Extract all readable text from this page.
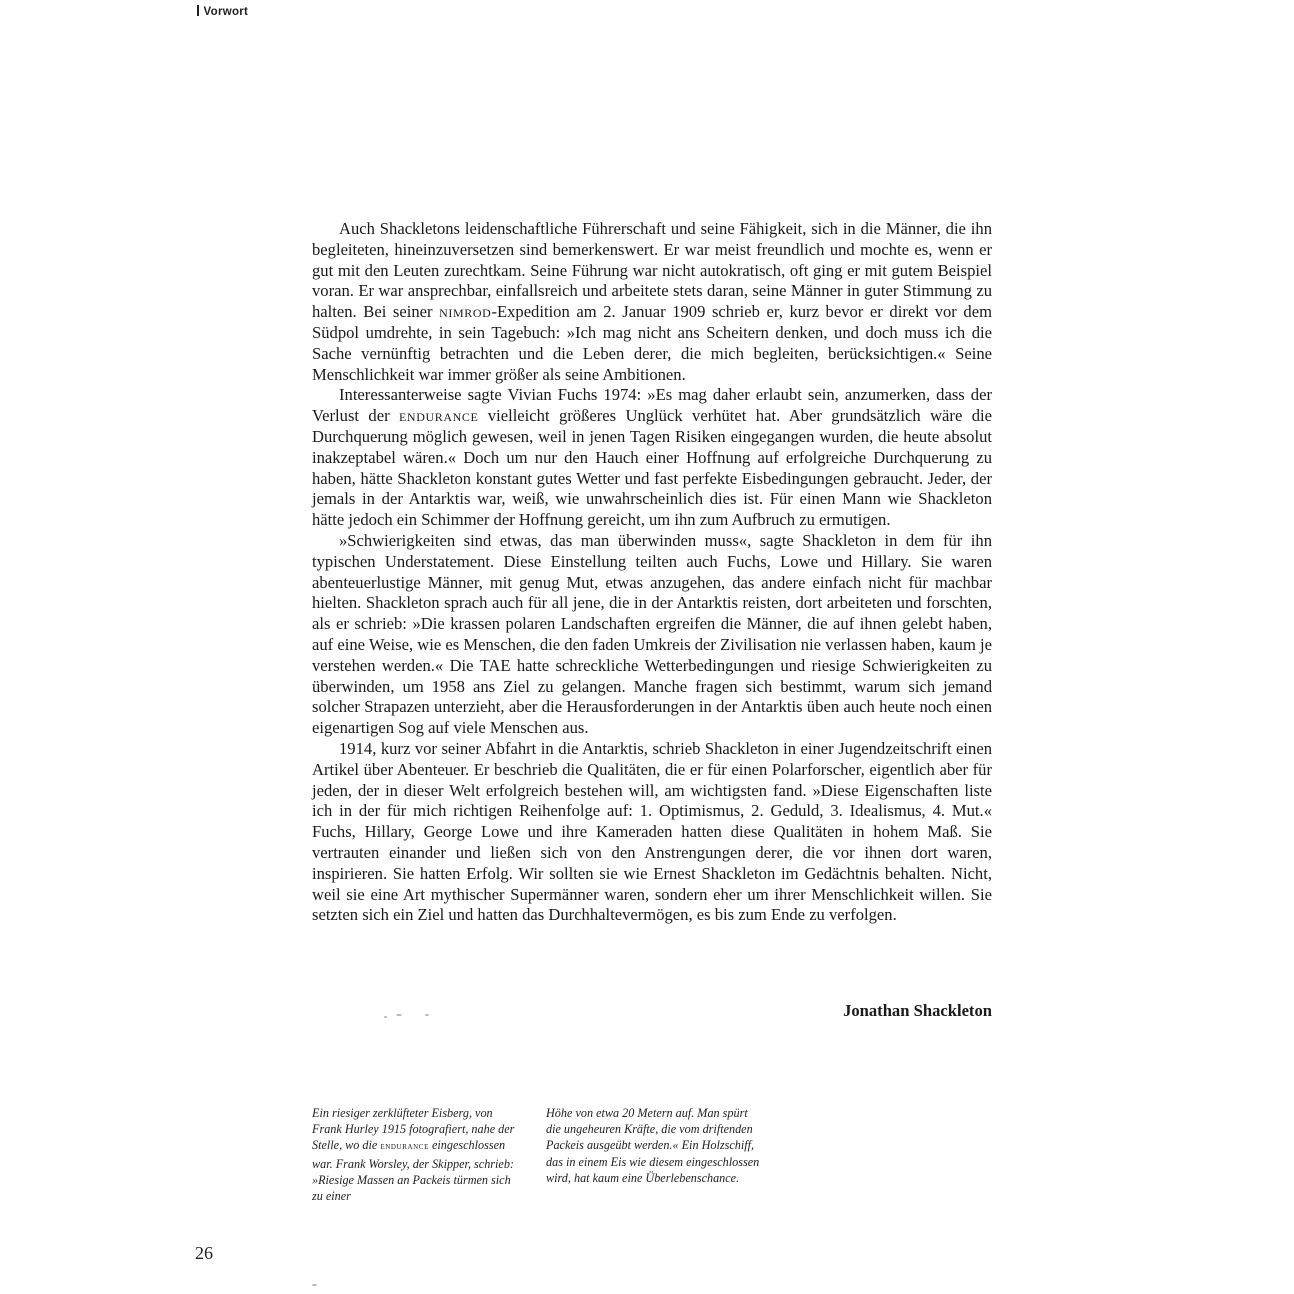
Vorwort

Auch Shackletons leidenschaftliche Führerschaft und seine Fähigkeit, sich in die Männer, die ihn begleiteten, hineinzuversetzen sind bemerkenswert. Er war meist freundlich und mochte es, wenn er gut mit den Leuten zurechtkam. Seine Führung war nicht autokratisch, oft ging er mit gutem Beispiel voran. Er war ansprechbar, einfallsreich und arbeitete stets daran, seine Männer in guter Stimmung zu halten. Bei seiner nimrod-Expedition am 2. Januar 1909 schrieb er, kurz bevor er direkt vor dem Südpol umdrehte, in sein Tagebuch: »Ich mag nicht ans Scheitern denken, und doch muss ich die Sache vernünftig betrachten und die Leben derer, die mich begleiten, berücksichtigen.« Seine Menschlichkeit war immer größer als seine Ambitionen.

Interessanterweise sagte Vivian Fuchs 1974: »Es mag daher erlaubt sein, anzumerken, dass der Verlust der endurance vielleicht größeres Unglück verhütet hat. Aber grundsätzlich wäre die Durchquerung möglich gewesen, weil in jenen Tagen Risiken eingegangen wurden, die heute absolut inakzeptabel wären.« Doch um nur den Hauch einer Hoffnung auf erfolgreiche Durchquerung zu haben, hätte Shackleton konstant gutes Wetter und fast perfekte Eisbedingungen gebraucht. Jeder, der jemals in der Antarktis war, weiß, wie unwahrscheinlich dies ist. Für einen Mann wie Shackleton hätte jedoch ein Schimmer der Hoffnung gereicht, um ihn zum Aufbruch zu ermutigen.

»Schwierigkeiten sind etwas, das man überwinden muss«, sagte Shackleton in dem für ihn typischen Understatement. Diese Einstellung teilten auch Fuchs, Lowe und Hillary. Sie waren abenteuerlustige Männer, mit genug Mut, etwas anzugehen, das andere einfach nicht für machbar hielten. Shackleton sprach auch für all jene, die in der Antarktis reisten, dort arbeiteten und forschten, als er schrieb: »Die krassen polaren Landschaften ergreifen die Männer, die auf ihnen gelebt haben, auf eine Weise, wie es Menschen, die den faden Umkreis der Zivilisation nie verlassen haben, kaum je verstehen werden.« Die TAE hatte schreckliche Wetterbedingungen und riesige Schwierigkeiten zu überwinden, um 1958 ans Ziel zu gelangen. Manche fragen sich bestimmt, warum sich jemand solcher Strapazen unterzieht, aber die Herausforderungen in der Antarktis üben auch heute noch einen eigenartigen Sog auf viele Menschen aus.

1914, kurz vor seiner Abfahrt in die Antarktis, schrieb Shackleton in einer Jugendzeitschrift einen Artikel über Abenteuer. Er beschrieb die Qualitäten, die er für einen Polarforscher, eigentlich aber für jeden, der in dieser Welt erfolgreich bestehen will, am wichtigsten fand. »Diese Eigenschaften liste ich in der für mich richtigen Reihenfolge auf: 1. Optimismus, 2. Geduld, 3. Idealismus, 4. Mut.« Fuchs, Hillary, George Lowe und ihre Kameraden hatten diese Qualitäten in hohem Maß. Sie vertrauten einander und ließen sich von den Anstrengungen derer, die vor ihnen dort waren, inspirieren. Sie hatten Erfolg. Wir sollten sie wie Ernest Shackleton im Gedächtnis behalten. Nicht, weil sie eine Art mythischer Supermänner waren, sondern eher um ihrer Menschlichkeit willen. Sie setzten sich ein Ziel und hatten das Durchhaltevermögen, es bis zum Ende zu verfolgen.

Jonathan Shackleton
Ein riesiger zerklüfteter Eisberg, von Frank Hurley 1915 fotografiert, nahe der Stelle, wo die endurance eingeschlossen war. Frank Worsley, der Skipper, schrieb: »Riesige Massen an Packeis türmen sich zu einer
Höhe von etwa 20 Metern auf. Man spürt die ungeheuren Kräfte, die vom driftenden Packeis ausgeübt werden.« Ein Holzschiff, das in einem Eis wie diesem eingeschlossen wird, hat kaum eine Überlebenschance.
26
